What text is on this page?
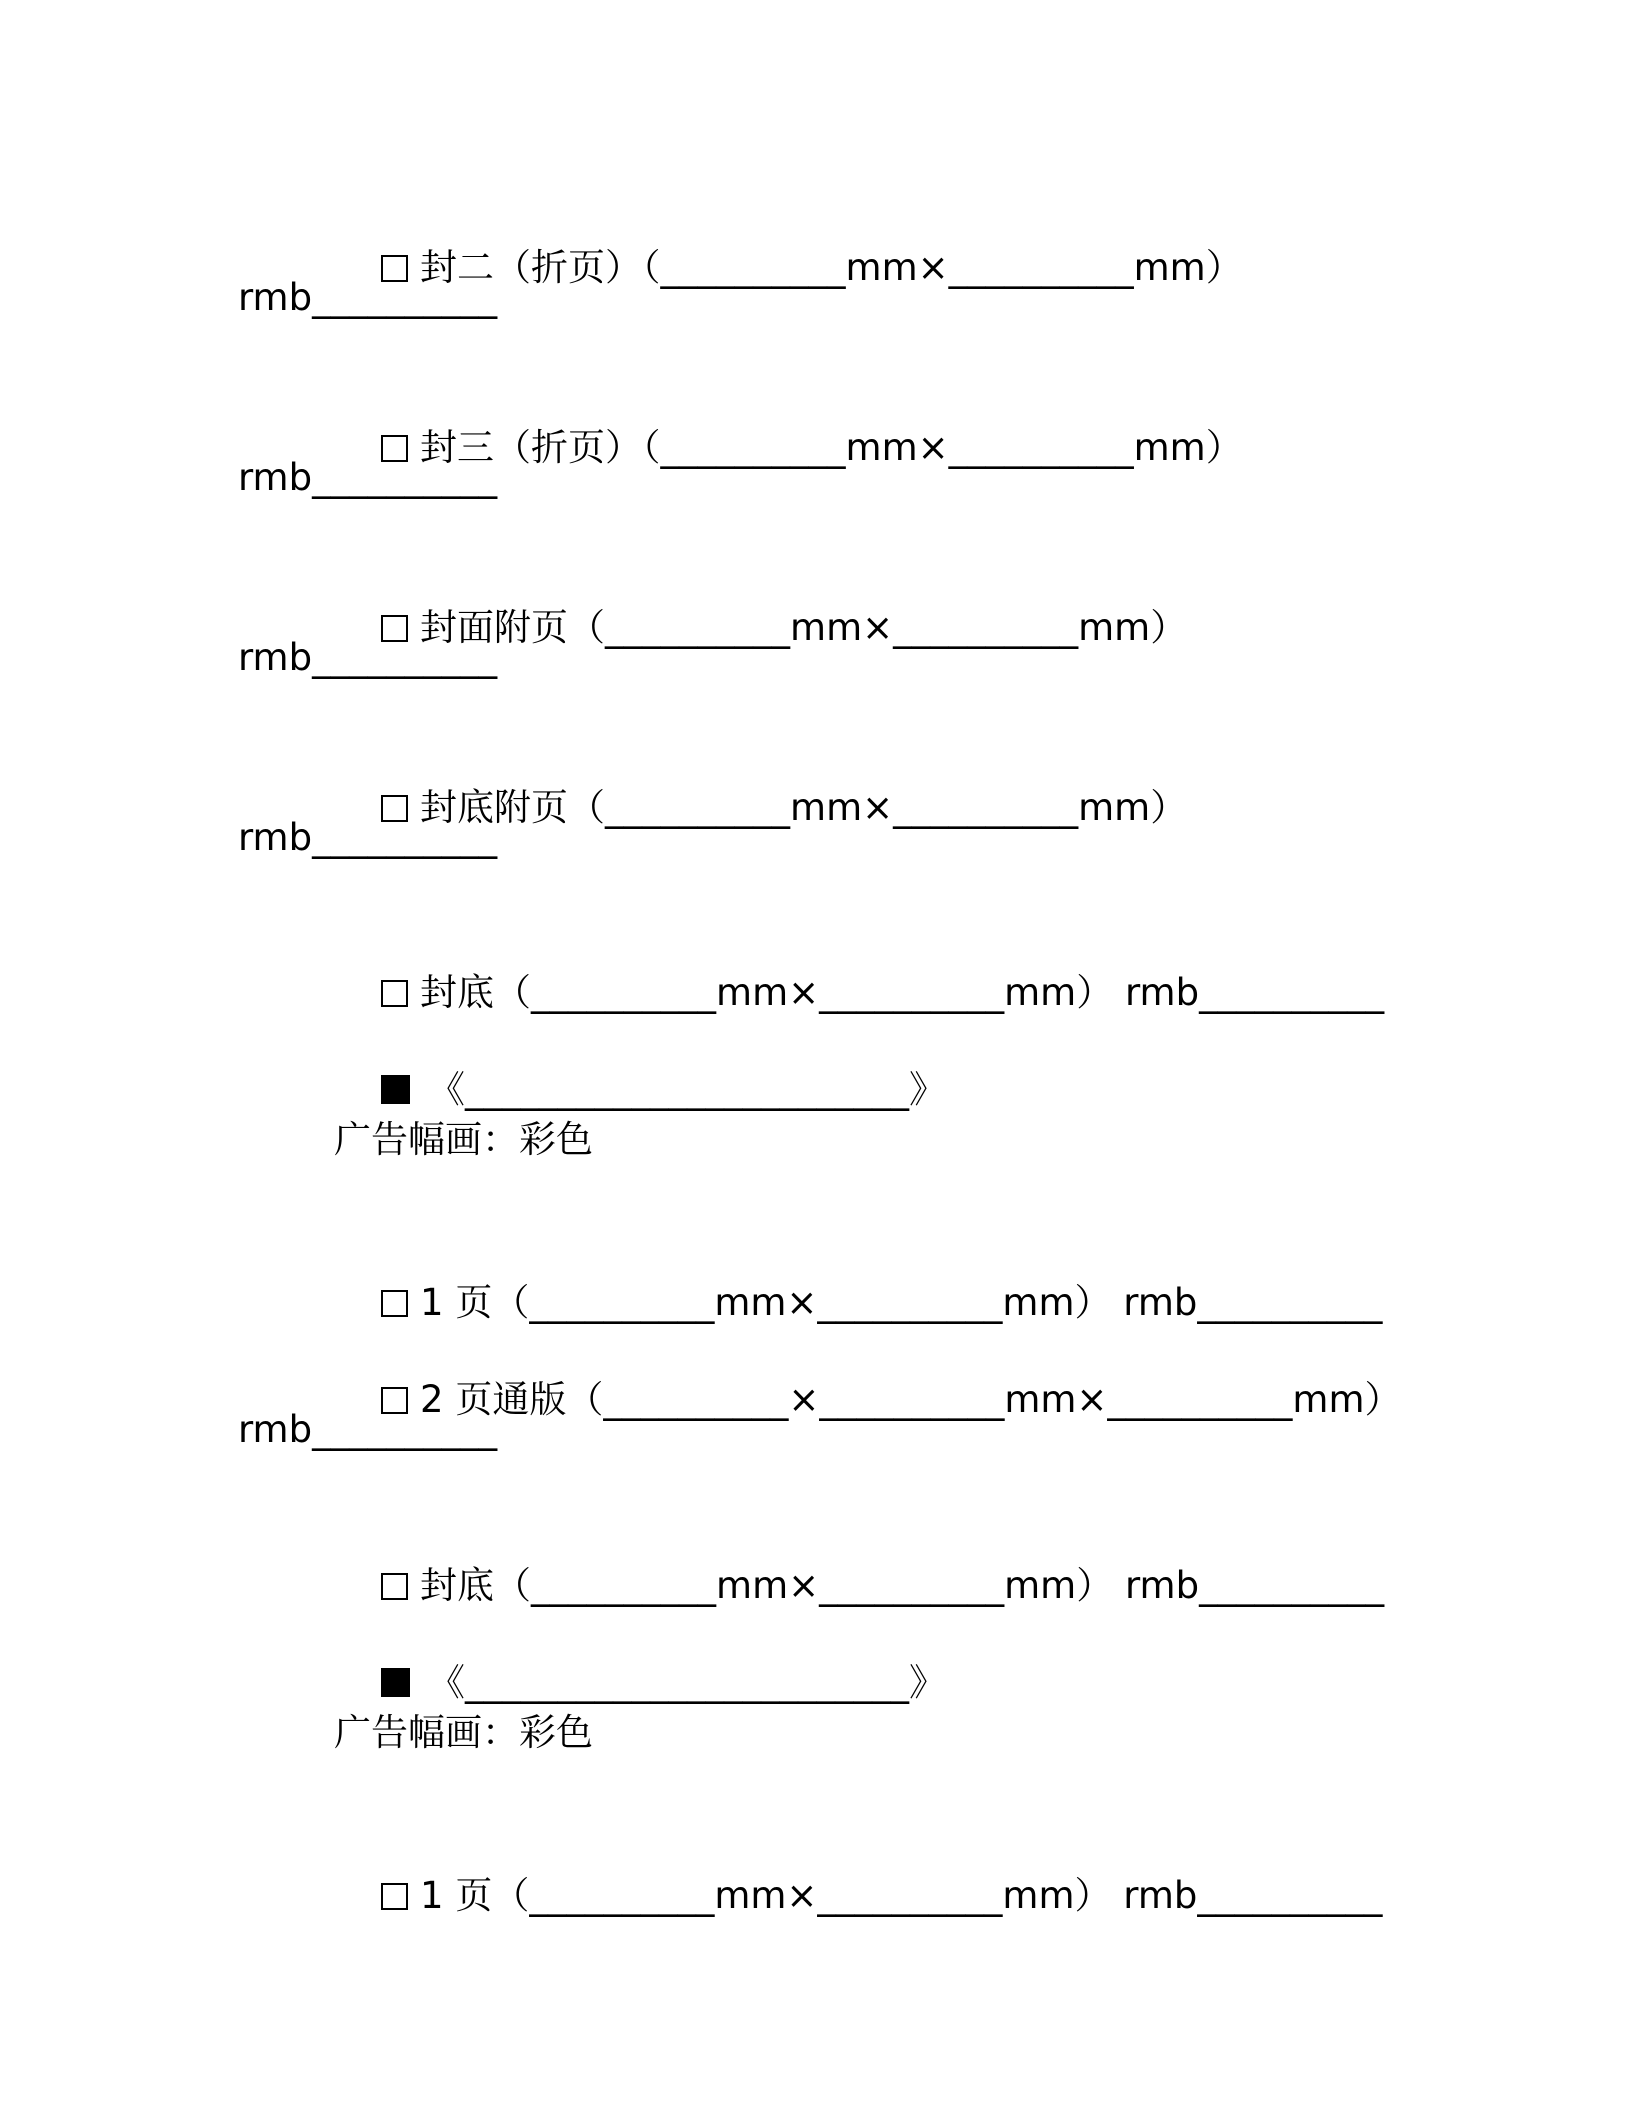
封二（折页）（__________mm×__________mm）

rmb__________

封三（折页）（__________mm×__________mm）

rmb__________

封面附页（__________mm×__________mm）

rmb__________

封底附页（__________mm×__________mm）

rmb__________

封底（__________mm×__________mm） rmb__________

《________________________》

广告幅画：彩色

1 页（__________mm×__________mm） rmb__________

2 页通版（__________×__________mm×__________mm）

rmb__________

封底（__________mm×__________mm） rmb__________

《________________________》

广告幅画：彩色

1 页（__________mm×__________mm） rmb__________
